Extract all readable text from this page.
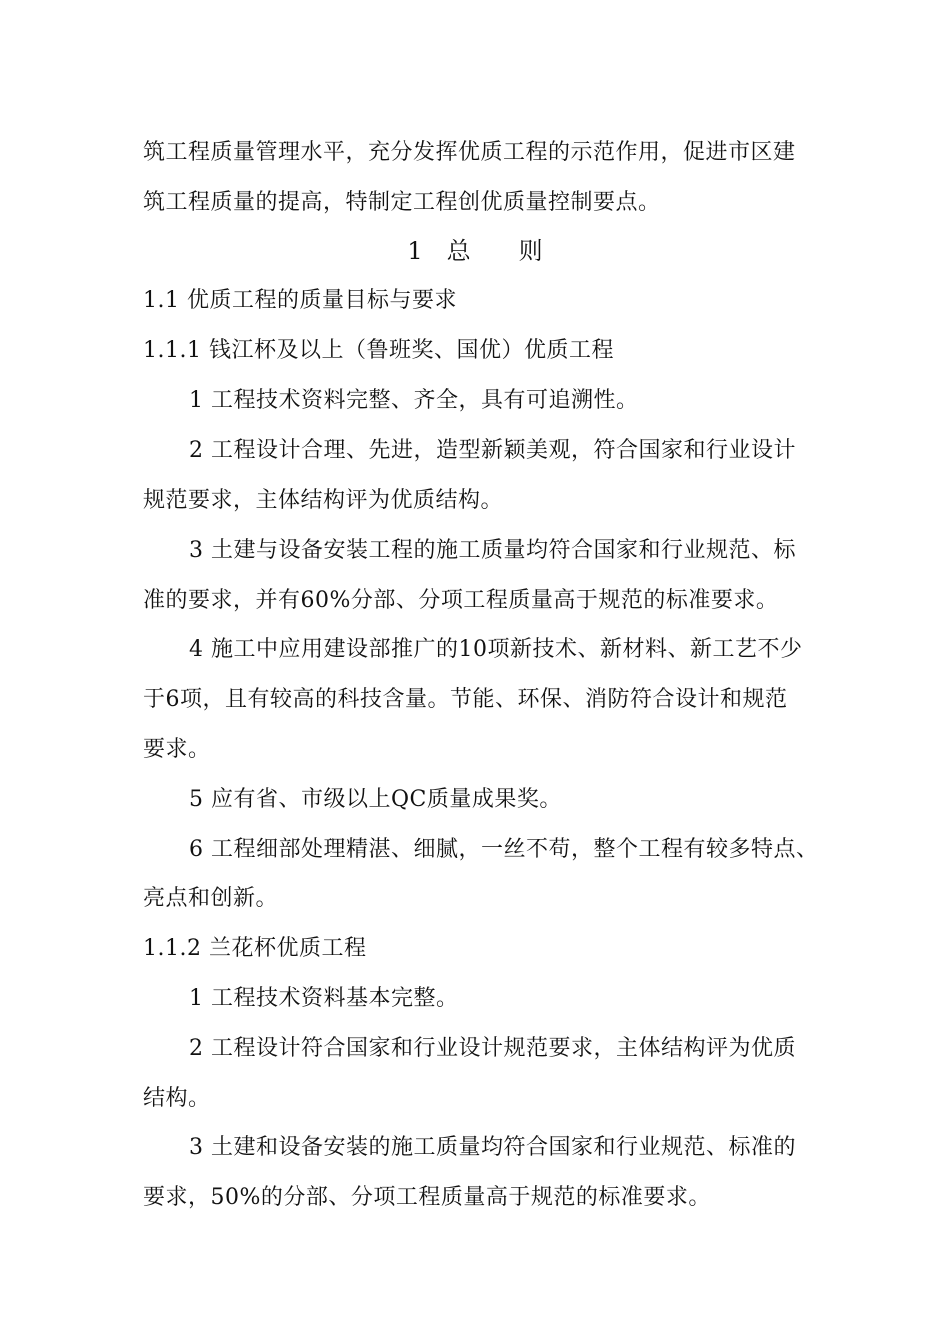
筑工程质量管理水平，充分发挥优质工程的示范作用，促进市区建
筑工程质量的提高，特制定工程创优质量控制要点。
1　总　　则
1.1 优质工程的质量目标与要求
1.1.1 钱江杯及以上（鲁班奖、国优）优质工程
1 工程技术资料完整、齐全，具有可追溯性。
2 工程设计合理、先进，造型新颖美观，符合国家和行业设计
规范要求，主体结构评为优质结构。
3 土建与设备安装工程的施工质量均符合国家和行业规范、标
准的要求，并有60%分部、分项工程质量高于规范的标准要求。
4 施工中应用建设部推广的10项新技术、新材料、新工艺不少
于6项，且有较高的科技含量。节能、环保、消防符合设计和规范
要求。
5 应有省、市级以上QC质量成果奖。
6 工程细部处理精湛、细腻，一丝不苟，整个工程有较多特点、
亮点和创新。
1.1.2 兰花杯优质工程
1 工程技术资料基本完整。
2 工程设计符合国家和行业设计规范要求，主体结构评为优质
结构。
3 土建和设备安装的施工质量均符合国家和行业规范、标准的
要求，50%的分部、分项工程质量高于规范的标准要求。
